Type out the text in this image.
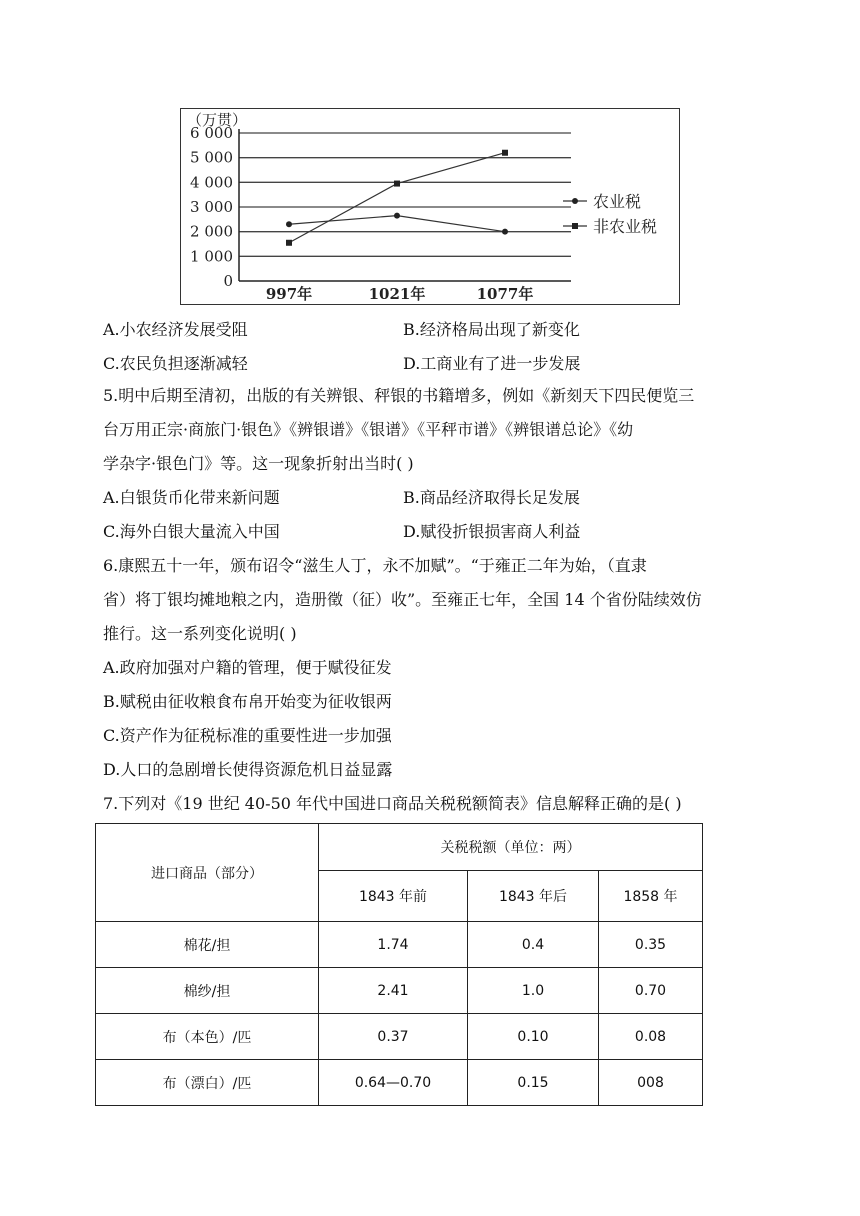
（万贯）
0
1 000
2 000
3 000
4 000
5 000
6 000
997年	1021年	1077年
农业税
非农业税
A.小农经济发展受阻	B.经济格局出现了新变化
C.农民负担逐渐减轻	D.工商业有了进一步发展
5.明中后期至清初，出版的有关辨银、秤银的书籍增多，例如《新刻天下四民便览三
台万用正宗·商旅门·银色》《辨银谱》《银谱》《平秤市谱》《辨银谱总论》《幼
学杂字·银色门》等。这一现象折射出当时( )
A.白银货币化带来新问题	B.商品经济取得长足发展
C.海外白银大量流入中国	D.赋役折银损害商人利益
6.康熙五十一年，颁布诏令“滋生人丁，永不加赋”。“于雍正二年为始，（直隶
省）将丁银均摊地粮之内，造册徵（征）收”。至雍正七年，全国 14 个省份陆续效仿
推行。这一系列变化说明( )
A.政府加强对户籍的管理，便于赋役征发
B.赋税由征收粮食布帛开始变为征收银两
C.资产作为征税标准的重要性进一步加强
D.人口的急剧增长使得资源危机日益显露
7.下列对《19 世纪 40-50 年代中国进口商品关税税额简表》信息解释正确的是( )
进口商品（部分）	关税税额（单位：两）		
	1843 年前	1843 年后	1858 年
棉花/担	1.74	0.4	0.35
棉纱/担	2.41	1.0	0.70
布（本色）/匹	0.37	0.10	0.08
布（漂白）/匹	0.64—0.70	0.15	008
